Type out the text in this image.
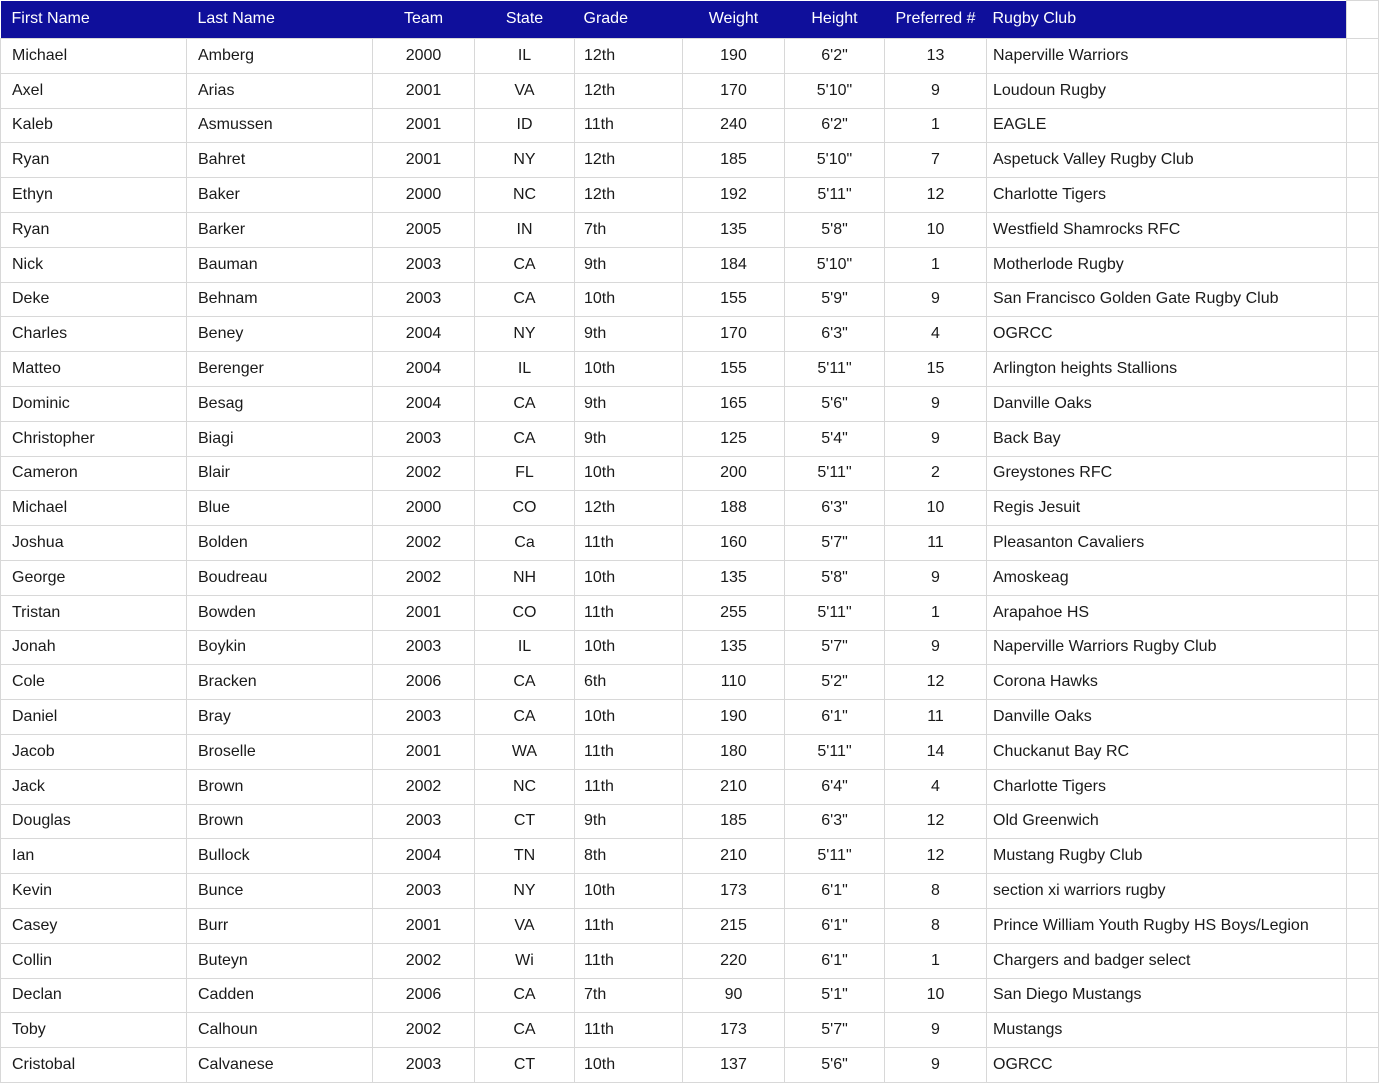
First Name	Last Name	Team	State	Grade	Weight	Height	Preferred #	Rugby Club	
Michael	Amberg	2000	IL	12th	190	6'2"	13	Naperville Warriors	
Axel	Arias	2001	VA	12th	170	5'10"	9	Loudoun Rugby	
Kaleb	Asmussen	2001	ID	11th	240	6'2"	1	EAGLE	
Ryan	Bahret	2001	NY	12th	185	5'10"	7	Aspetuck Valley Rugby Club	
Ethyn	Baker	2000	NC	12th	192	5'11"	12	Charlotte Tigers	
Ryan	Barker	2005	IN	7th	135	5'8"	10	Westfield Shamrocks RFC	
Nick	Bauman	2003	CA	9th	184	5'10"	1	Motherlode Rugby	
Deke	Behnam	2003	CA	10th	155	5'9"	9	San Francisco Golden Gate Rugby Club	
Charles	Beney	2004	NY	9th	170	6'3"	4	OGRCC	
Matteo	Berenger	2004	IL	10th	155	5'11"	15	Arlington heights Stallions	
Dominic	Besag	2004	CA	9th	165	5'6"	9	Danville Oaks	
Christopher	Biagi	2003	CA	9th	125	5'4"	9	Back Bay	
Cameron	Blair	2002	FL	10th	200	5'11"	2	Greystones RFC	
Michael	Blue	2000	CO	12th	188	6'3"	10	Regis Jesuit	
Joshua	Bolden	2002	Ca	11th	160	5'7"	11	Pleasanton Cavaliers	
George	Boudreau	2002	NH	10th	135	5'8"	9	Amoskeag	
Tristan	Bowden	2001	CO	11th	255	5'11"	1	Arapahoe HS	
Jonah	Boykin	2003	IL	10th	135	5'7"	9	Naperville Warriors Rugby Club	
Cole	Bracken	2006	CA	6th	110	5'2"	12	Corona Hawks	
Daniel	Bray	2003	CA	10th	190	6'1"	11	Danville Oaks	
Jacob	Broselle	2001	WA	11th	180	5'11"	14	Chuckanut Bay RC	
Jack	Brown	2002	NC	11th	210	6'4"	4	Charlotte Tigers	
Douglas	Brown	2003	CT	9th	185	6'3"	12	Old Greenwich	
Ian	Bullock	2004	TN	8th	210	5'11"	12	Mustang Rugby Club	
Kevin	Bunce	2003	NY	10th	173	6'1"	8	section xi warriors rugby	
Casey	Burr	2001	VA	11th	215	6'1"	8	Prince William Youth Rugby HS Boys/Legion	
Collin	Buteyn	2002	Wi	11th	220	6'1"	1	Chargers and badger select	
Declan	Cadden	2006	CA	7th	90	5'1"	10	San Diego Mustangs	
Toby	Calhoun	2002	CA	11th	173	5'7"	9	Mustangs	
Cristobal	Calvanese	2003	CT	10th	137	5'6"	9	OGRCC	
